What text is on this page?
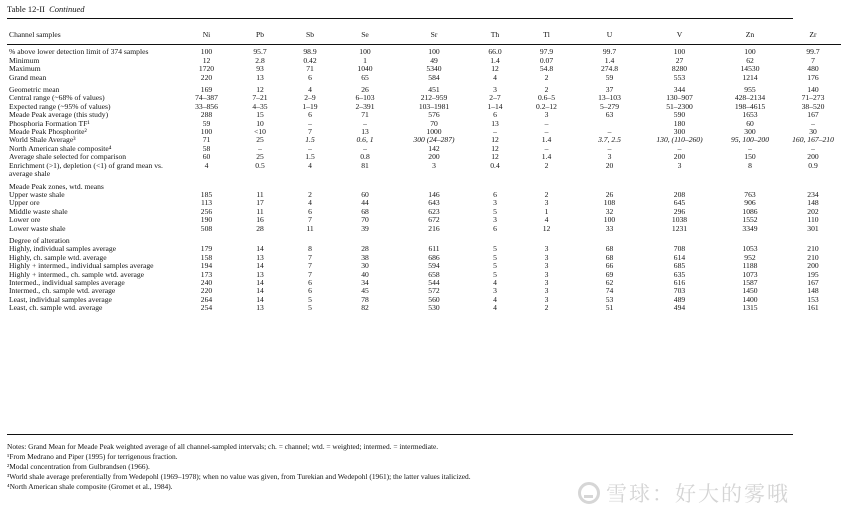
Table 12-II Continued
Channel samples	Ni	Pb	Sb	Se	Sr	Th	Tl	U	V	Zn	Zr

% above lower detection limit of 374 samples	100	95.7	98.9	100	100	66.0	97.9	99.7	100	100	99.7
Minimum	12	2.8	0.42	1	49	1.4	0.07	1.4	27	62	7
Maximum	1720	93	71	1040	5340	12	54.8	274.8	8280	14530	480
Grand mean	220	13	6	65	584	4	2	59	553	1214	176

Geometric mean	169	12	4	26	451	3	2	37	344	955	140
Central range (~68% of values)	74–387	7–21	2–9	6–103	212–959	2–7	0.6–5	13–103	130–907	428–2134	71–273
Expected range (~95% of values)	33–856	4–35	1–19	2–391	103–1981	1–14	0.2–12	5–279	51–2300	198–4615	38–520
Meade Peak average (this study)	288	15	6	71	576	6	3	63	590	1653	167
Phosphoria Formation TF¹	59	10	–	–	70	13	–		180	60	–
Meade Peak Phosphorite²	100	<10	7	13	1000	–	–	–	300	300	30
World Shale Average³	71	25	1.5	0.6, 1	300 (24–287)	12	1.4	3.7, 2.5	130, (110–260)	95, 100–200	160, 167–210
North American shale composite⁴	58	–	–	–	142	12	–	–	–	–	–
Average shale selected for comparison	60	25	1.5	0.8	200	12	1.4	3	200	150	200
Enrichment (>1), depletion (<1) of grand mean vs. average shale	4	0.5	4	81	3	0.4	2	20	3	8	0.9

Meade Peak zones, wtd. means											
Upper waste shale	185	11	2	60	146	6	2	26	208	763	234
Upper ore	113	17	4	44	643	3	3	108	645	906	148
Middle waste shale	256	11	6	68	623	5	1	32	296	1086	202
Lower ore	190	16	7	70	672	3	4	100	1038	1552	110
Lower waste shale	508	28	11	39	216	6	12	33	1231	3349	301

Degree of alteration											
Highly, individual samples average	179	14	8	28	611	5	3	68	708	1053	210
Highly, ch. sample wtd. average	158	13	7	38	686	5	3	68	614	952	210
Highly + intermed., individual samples average	194	14	7	30	594	5	3	66	685	1188	200
Highly + intermed., ch. sample wtd. average	173	13	7	40	658	5	3	69	635	1073	195
Intermed., individual samples average	240	14	6	34	544	4	3	62	616	1587	167
Intermed., ch. sample wtd. average	220	14	6	45	572	3	3	74	703	1450	148
Least, individual samples average	264	14	5	78	560	4	3	53	489	1400	153
Least, ch. sample wtd. average	254	13	5	82	530	4	2	51	494	1315	161
Notes: Grand Mean for Meade Peak weighted average of all channel-sampled intervals; ch. = channel; wtd. = weighted; intermed. = intermediate.
¹From Medrano and Piper (1995) for terrigenous fraction.
²Modal concentration from Gulbrandsen (1966).
³World shale average preferentially from Wedepohl (1969–1978); when no value was given, from Turekian and Wedepohl (1961); the latter values italicized.
⁴North American shale composite (Gromet et al., 1984).	雪球：好大的雾哦
